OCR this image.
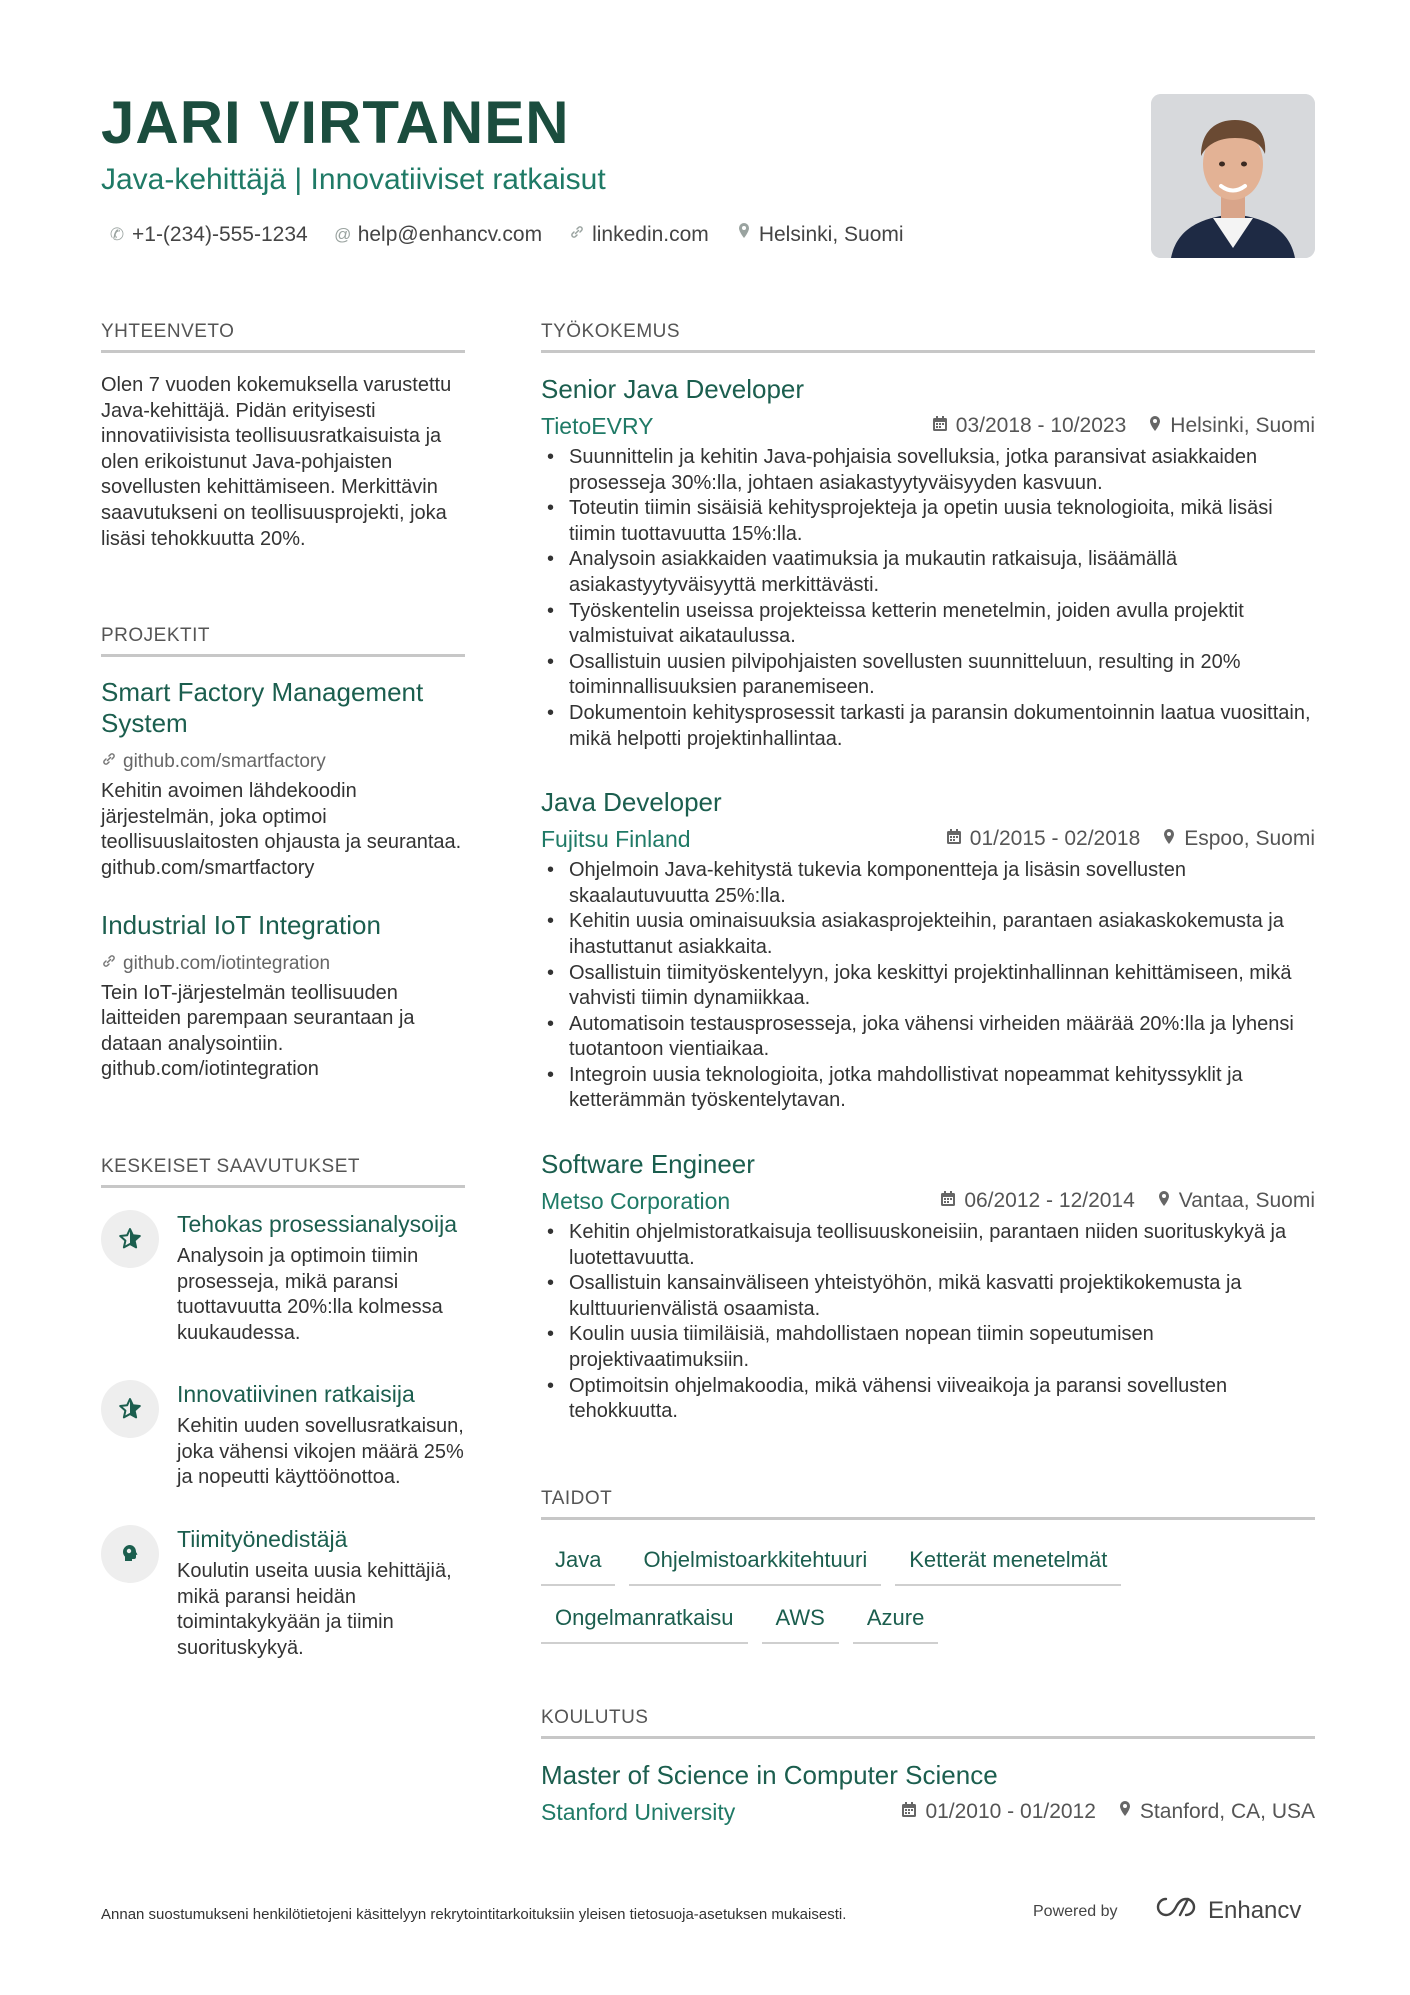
JARI VIRTANEN
Java-kehittäjä | Innovatiiviset ratkaisut
✆ +1-(234)-555-1234 @ help@enhancv.com linkedin.com Helsinki, Suomi
YHTEENVETO

Olen 7 vuoden kokemuksella varustettu Java-kehittäjä. Pidän erityisesti innovatiivisista teollisuusratkaisuista ja olen erikoistunut Java-pohjaisten sovellusten kehittämiseen. Merkittävin saavutukseni on teollisuusprojekti, joka lisäsi tehokkuutta 20%.

PROJEKTIT
Smart Factory Management System
github.com/smartfactory

Kehitin avoimen lähdekoodin järjestelmän, joka optimoi teollisuuslaitosten ohjausta ja seurantaa. github.com/smartfactory

Industrial IoT Integration
github.com/iotintegration

Tein IoT-järjestelmän teollisuuden laitteiden parempaan seurantaan ja dataan analysointiin. github.com/iotintegration

KESKEISET SAAVUTUKSET
Tehokas prosessianalysoija

Analysoin ja optimoin tiimin prosesseja, mikä paransi tuottavuutta 20%:lla kolmessa kuukaudessa.

Innovatiivinen ratkaisija

Kehitin uuden sovellusratkaisun, joka vähensi vikojen määrä 25% ja nopeutti käyttöönottoa.

Tiimityönedistäjä

Koulutin useita uusia kehittäjiä, mikä paransi heidän toimintakykyään ja tiimin suorituskykyä.

TYÖKOKEMUS
Senior Java Developer
TietoEVRY	03/2018 - 10/2023 Helsinki, Suomi
• Suunnittelin ja kehitin Java-pohjaisia sovelluksia, jotka paransivat asiakkaiden prosesseja 30%:lla, johtaen asiakastyytyväisyyden kasvuun.
• Toteutin tiimin sisäisiä kehitysprojekteja ja opetin uusia teknologioita, mikä lisäsi tiimin tuottavuutta 15%:lla.
• Analysoin asiakkaiden vaatimuksia ja mukautin ratkaisuja, lisäämällä asiakastyytyväisyyttä merkittävästi.
• Työskentelin useissa projekteissa ketterin menetelmin, joiden avulla projektit valmistuivat aikataulussa.
• Osallistuin uusien pilvipohjaisten sovellusten suunnitteluun, resulting in 20% toiminnallisuuksien paranemiseen.
• Dokumentoin kehitysprosessit tarkasti ja paransin dokumentoinnin laatua vuosittain, mikä helpotti projektinhallintaa.
Java Developer
Fujitsu Finland	01/2015 - 02/2018 Espoo, Suomi
• Ohjelmoin Java-kehitystä tukevia komponentteja ja lisäsin sovellusten skaalautuvuutta 25%:lla.
• Kehitin uusia ominaisuuksia asiakasprojekteihin, parantaen asiakaskokemusta ja ihastuttanut asiakkaita.
• Osallistuin tiimityöskentelyyn, joka keskittyi projektinhallinnan kehittämiseen, mikä vahvisti tiimin dynamiikkaa.
• Automatisoin testausprosesseja, joka vähensi virheiden määrää 20%:lla ja lyhensi tuotantoon vientiaikaa.
• Integroin uusia teknologioita, jotka mahdollistivat nopeammat kehityssyklit ja ketterämmän työskentelytavan.
Software Engineer
Metso Corporation	06/2012 - 12/2014 Vantaa, Suomi
• Kehitin ohjelmistoratkaisuja teollisuuskoneisiin, parantaen niiden suorituskykyä ja luotettavuutta.
• Osallistuin kansainväliseen yhteistyöhön, mikä kasvatti projektikokemusta ja kulttuurienvälistä osaamista.
• Koulin uusia tiimiläisiä, mahdollistaen nopean tiimin sopeutumisen projektivaatimuksiin.
• Optimoitsin ohjelmakoodia, mikä vähensi viiveaikoja ja paransi sovellusten tehokkuutta.
TAIDOT
Java	Ohjelmistoarkkitehtuuri	Ketterät menetelmät
Ongelmanratkaisu	AWS	Azure
KOULUTUS
Master of Science in Computer Science
Stanford University	01/2010 - 01/2012 Stanford, CA, USA
Annan suostumukseni henkilötietojeni käsittelyyn rekrytointitarkoituksiin yleisen tietosuoja-asetuksen mukaisesti.	Powered by	Enhancv
